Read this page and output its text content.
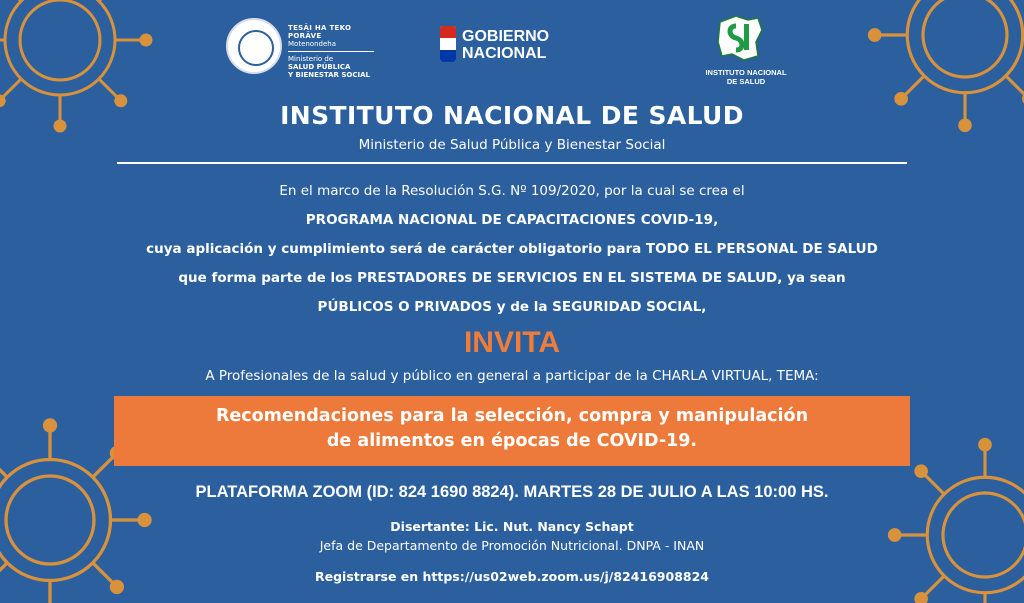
TESÃI HA TEKO
PORÃVE
Motenondeha
Ministerio de
SALUD PÚBLICA
Y BIENESTAR SOCIAL
GOBIERNO
NACIONAL
INSTITUTO NACIONAL
DE SALUD
INSTITUTO NACIONAL DE SALUD
Ministerio de Salud Pública y Bienestar Social

En el marco de la Resolución S.G. Nº 109/2020, por la cual se crea el

PROGRAMA NACIONAL DE CAPACITACIONES COVID-19,

cuya aplicación y cumplimiento será de carácter obligatorio para TODO EL PERSONAL DE SALUD

que forma parte de los PRESTADORES DE SERVICIOS EN EL SISTEMA DE SALUD, ya sean

PÚBLICOS O PRIVADOS y de la SEGURIDAD SOCIAL,

INVITA
A Profesionales de la salud y público en general a participar de la CHARLA VIRTUAL, TEMA:

Recomendaciones para la selección, compra y manipulación

de alimentos en épocas de COVID-19.

PLATAFORMA ZOOM (ID: 824 1690 8824). MARTES 28 DE JULIO A LAS 10:00 HS.
Disertante: Lic. Nut. Nancy Schapt
Jefa de Departamento de Promoción Nutricional. DNPA - INAN
Registrarse en https://us02web.zoom.us/j/82416908824
